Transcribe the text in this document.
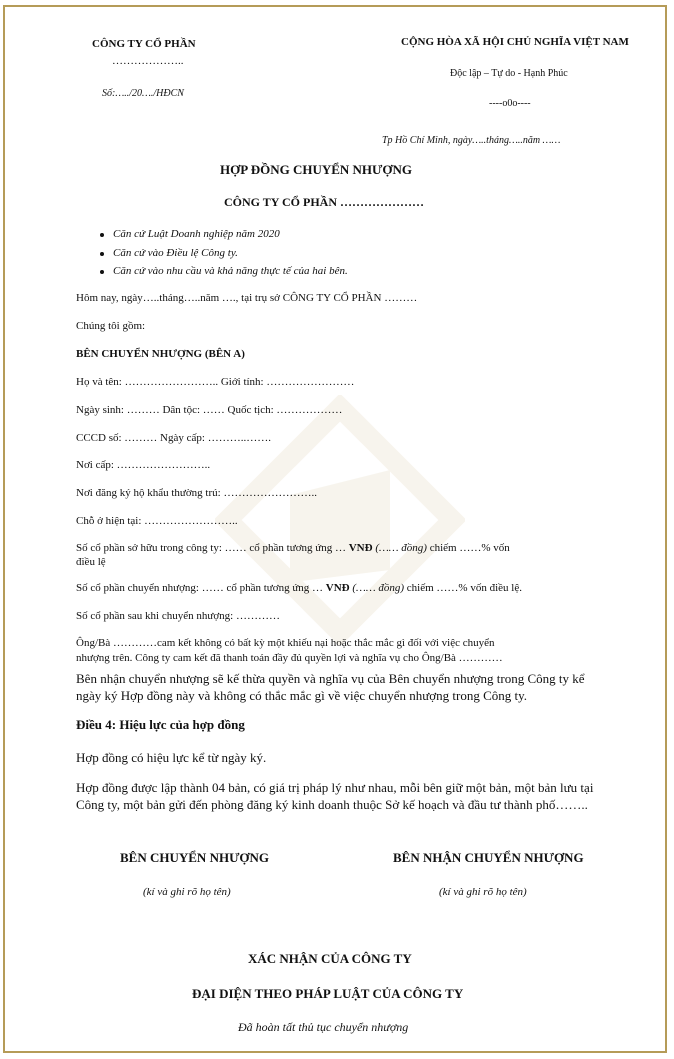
CÔNG TY CỔ PHẦN
………………..
Số:…../20…./HĐCN
CỘNG HÒA XÃ HỘI CHỦ NGHĨA VIỆT NAM
Độc lập – Tự do - Hạnh Phúc
----o0o----
Tp Hồ Chí Minh, ngày…..tháng…..năm ……
HỢP ĐỒNG CHUYỂN NHƯỢNG
CÔNG TY CỔ PHẦN …………………
Căn cứ Luật Doanh nghiệp năm 2020
Căn cứ vào Điều lệ Công ty.
Căn cứ vào nhu cầu và khả năng thực tế của hai bên.
Hôm nay, ngày…..tháng…..năm …., tại trụ sở CÔNG TY CỔ PHẦN ………
Chúng tôi gồm:
BÊN CHUYỂN NHƯỢNG (BÊN A)
Họ và tên: …………………….. Giới tính: ……………………
Ngày sinh: ……… Dân tộc: …… Quốc tịch: ………………
CCCD số: ……… Ngày cấp: ………..…….
Nơi cấp: ……………………..
Nơi đăng ký hộ khẩu thường trú: ……………………..
Chỗ ở hiện tại: ……………………..
Số cổ phần sở hữu trong công ty: …… cổ phần tương ứng … VNĐ (…… đồng) chiếm ……% vốn
điều lệ
Số cổ phần chuyển nhượng: …… cổ phần tương ứng … VNĐ (…… đồng) chiếm ……% vốn điều lệ.
Số cổ phần sau khi chuyển nhượng: …………
Ông/Bà …………cam kết không có bất kỳ một khiếu nại hoặc thắc mắc gì đối với việc chuyển
nhượng trên. Công ty cam kết đã thanh toán đầy đủ quyền lợi và nghĩa vụ cho Ông/Bà …………
Bên nhận chuyển nhượng sẽ kế thừa quyền và nghĩa vụ của Bên chuyển nhượng trong Công ty kể
ngày ký Hợp đồng này và không có thắc mắc gì về việc chuyển nhượng trong Công ty.
Điều 4: Hiệu lực của hợp đồng
Hợp đồng có hiệu lực kể từ ngày ký.
Hợp đồng được lập thành 04 bản, có giá trị pháp lý như nhau, mỗi bên giữ một bản, một bản lưu tại
Công ty, một bản gửi đến phòng đăng ký kinh doanh thuộc Sở kế hoạch và đầu tư thành phố……..
BÊN CHUYỂN NHƯỢNG
(kí và ghi rõ họ tên)
BÊN NHẬN CHUYỂN NHƯỢNG
(kí và ghi rõ họ tên)
XÁC NHẬN CỦA CÔNG TY
ĐẠI DIỆN THEO PHÁP LUẬT CỦA CÔNG TY
Đã hoàn tất thủ tục chuyển nhượng
